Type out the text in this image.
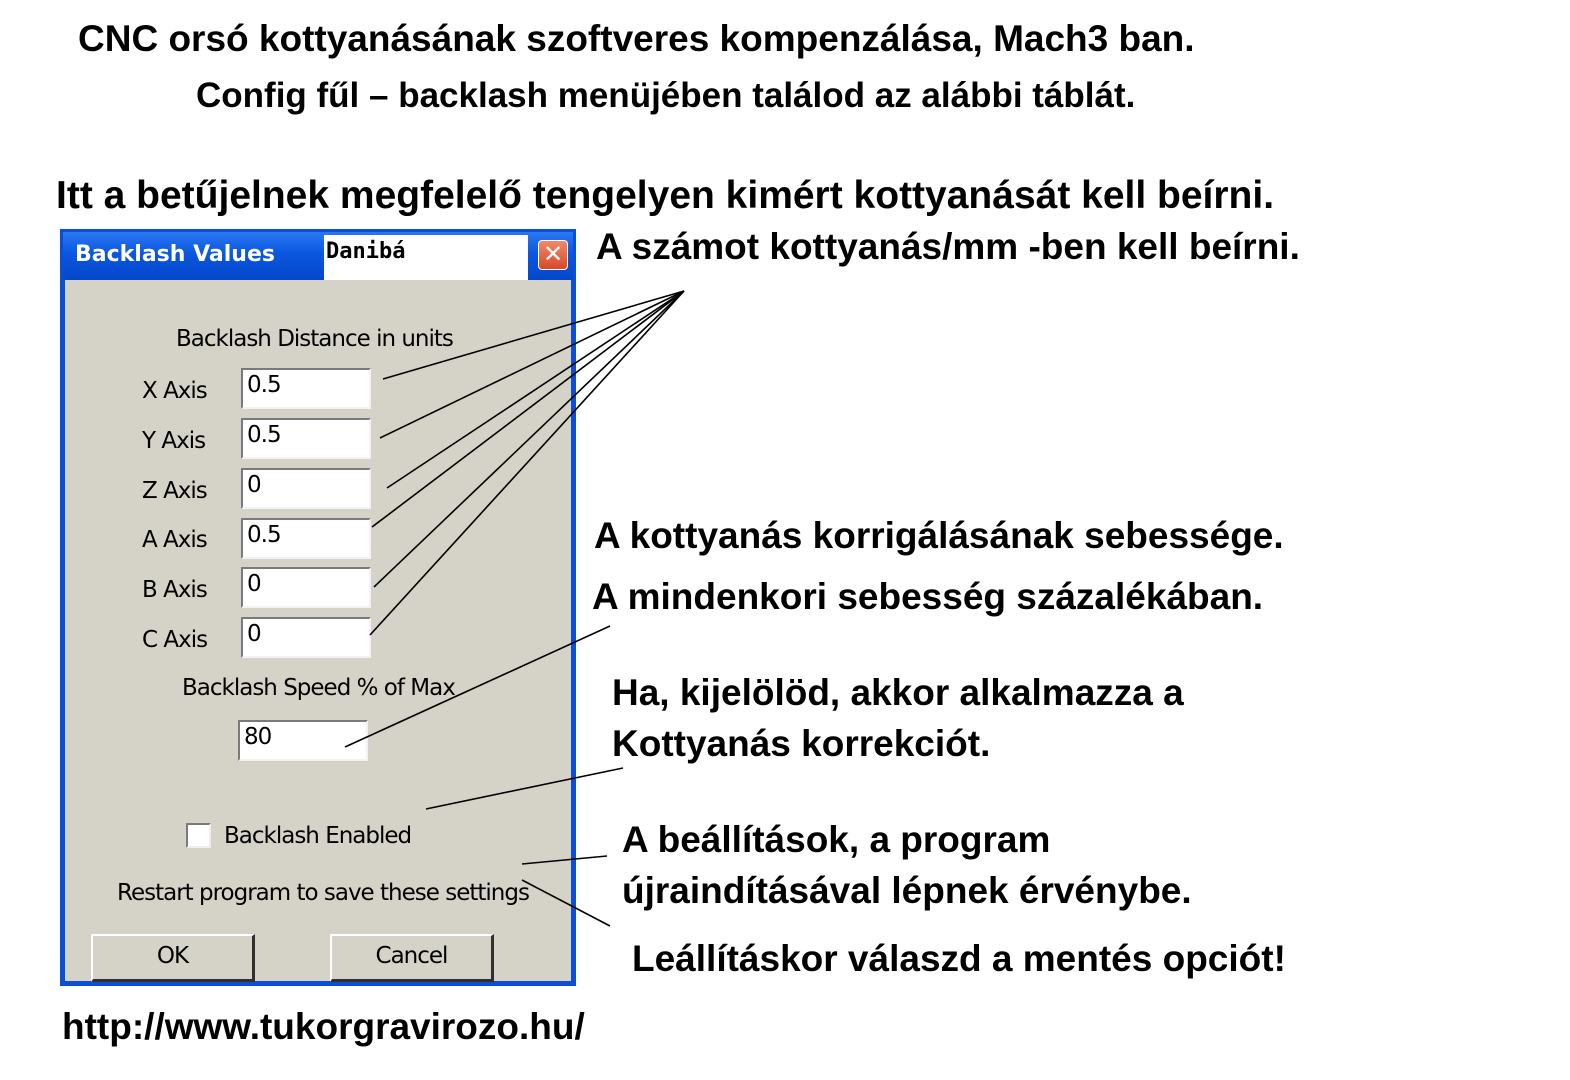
CNC orsó kottyanásának szoftveres kompenzálása, Mach3 ban.
Config fűl – backlash menüjében találod az alábbi táblát.
Itt a betűjelnek megfelelő tengelyen kimért kottyanását kell beírni.
A számot kottyanás/mm -ben kell beírni.
Backlash Values Danibá	✕
Backlash Distance in units
X Axis 0.5
Y Axis 0.5
Z Axis 0
A Axis 0.5
B Axis 0
C Axis 0
Backlash Speed % of Max
80
Backlash Enabled
Restart program to save these settings
OK	Cancel
A kottyanás korrigálásának sebessége.
A mindenkori sebesség százalékában.
Ha, kijelölöd, akkor alkalmazza a
Kottyanás korrekciót.
A beállítások, a program
újraindításával lépnek érvénybe.
Leállításkor válaszd a mentés opciót!
http://www.tukorgravirozo.hu/
